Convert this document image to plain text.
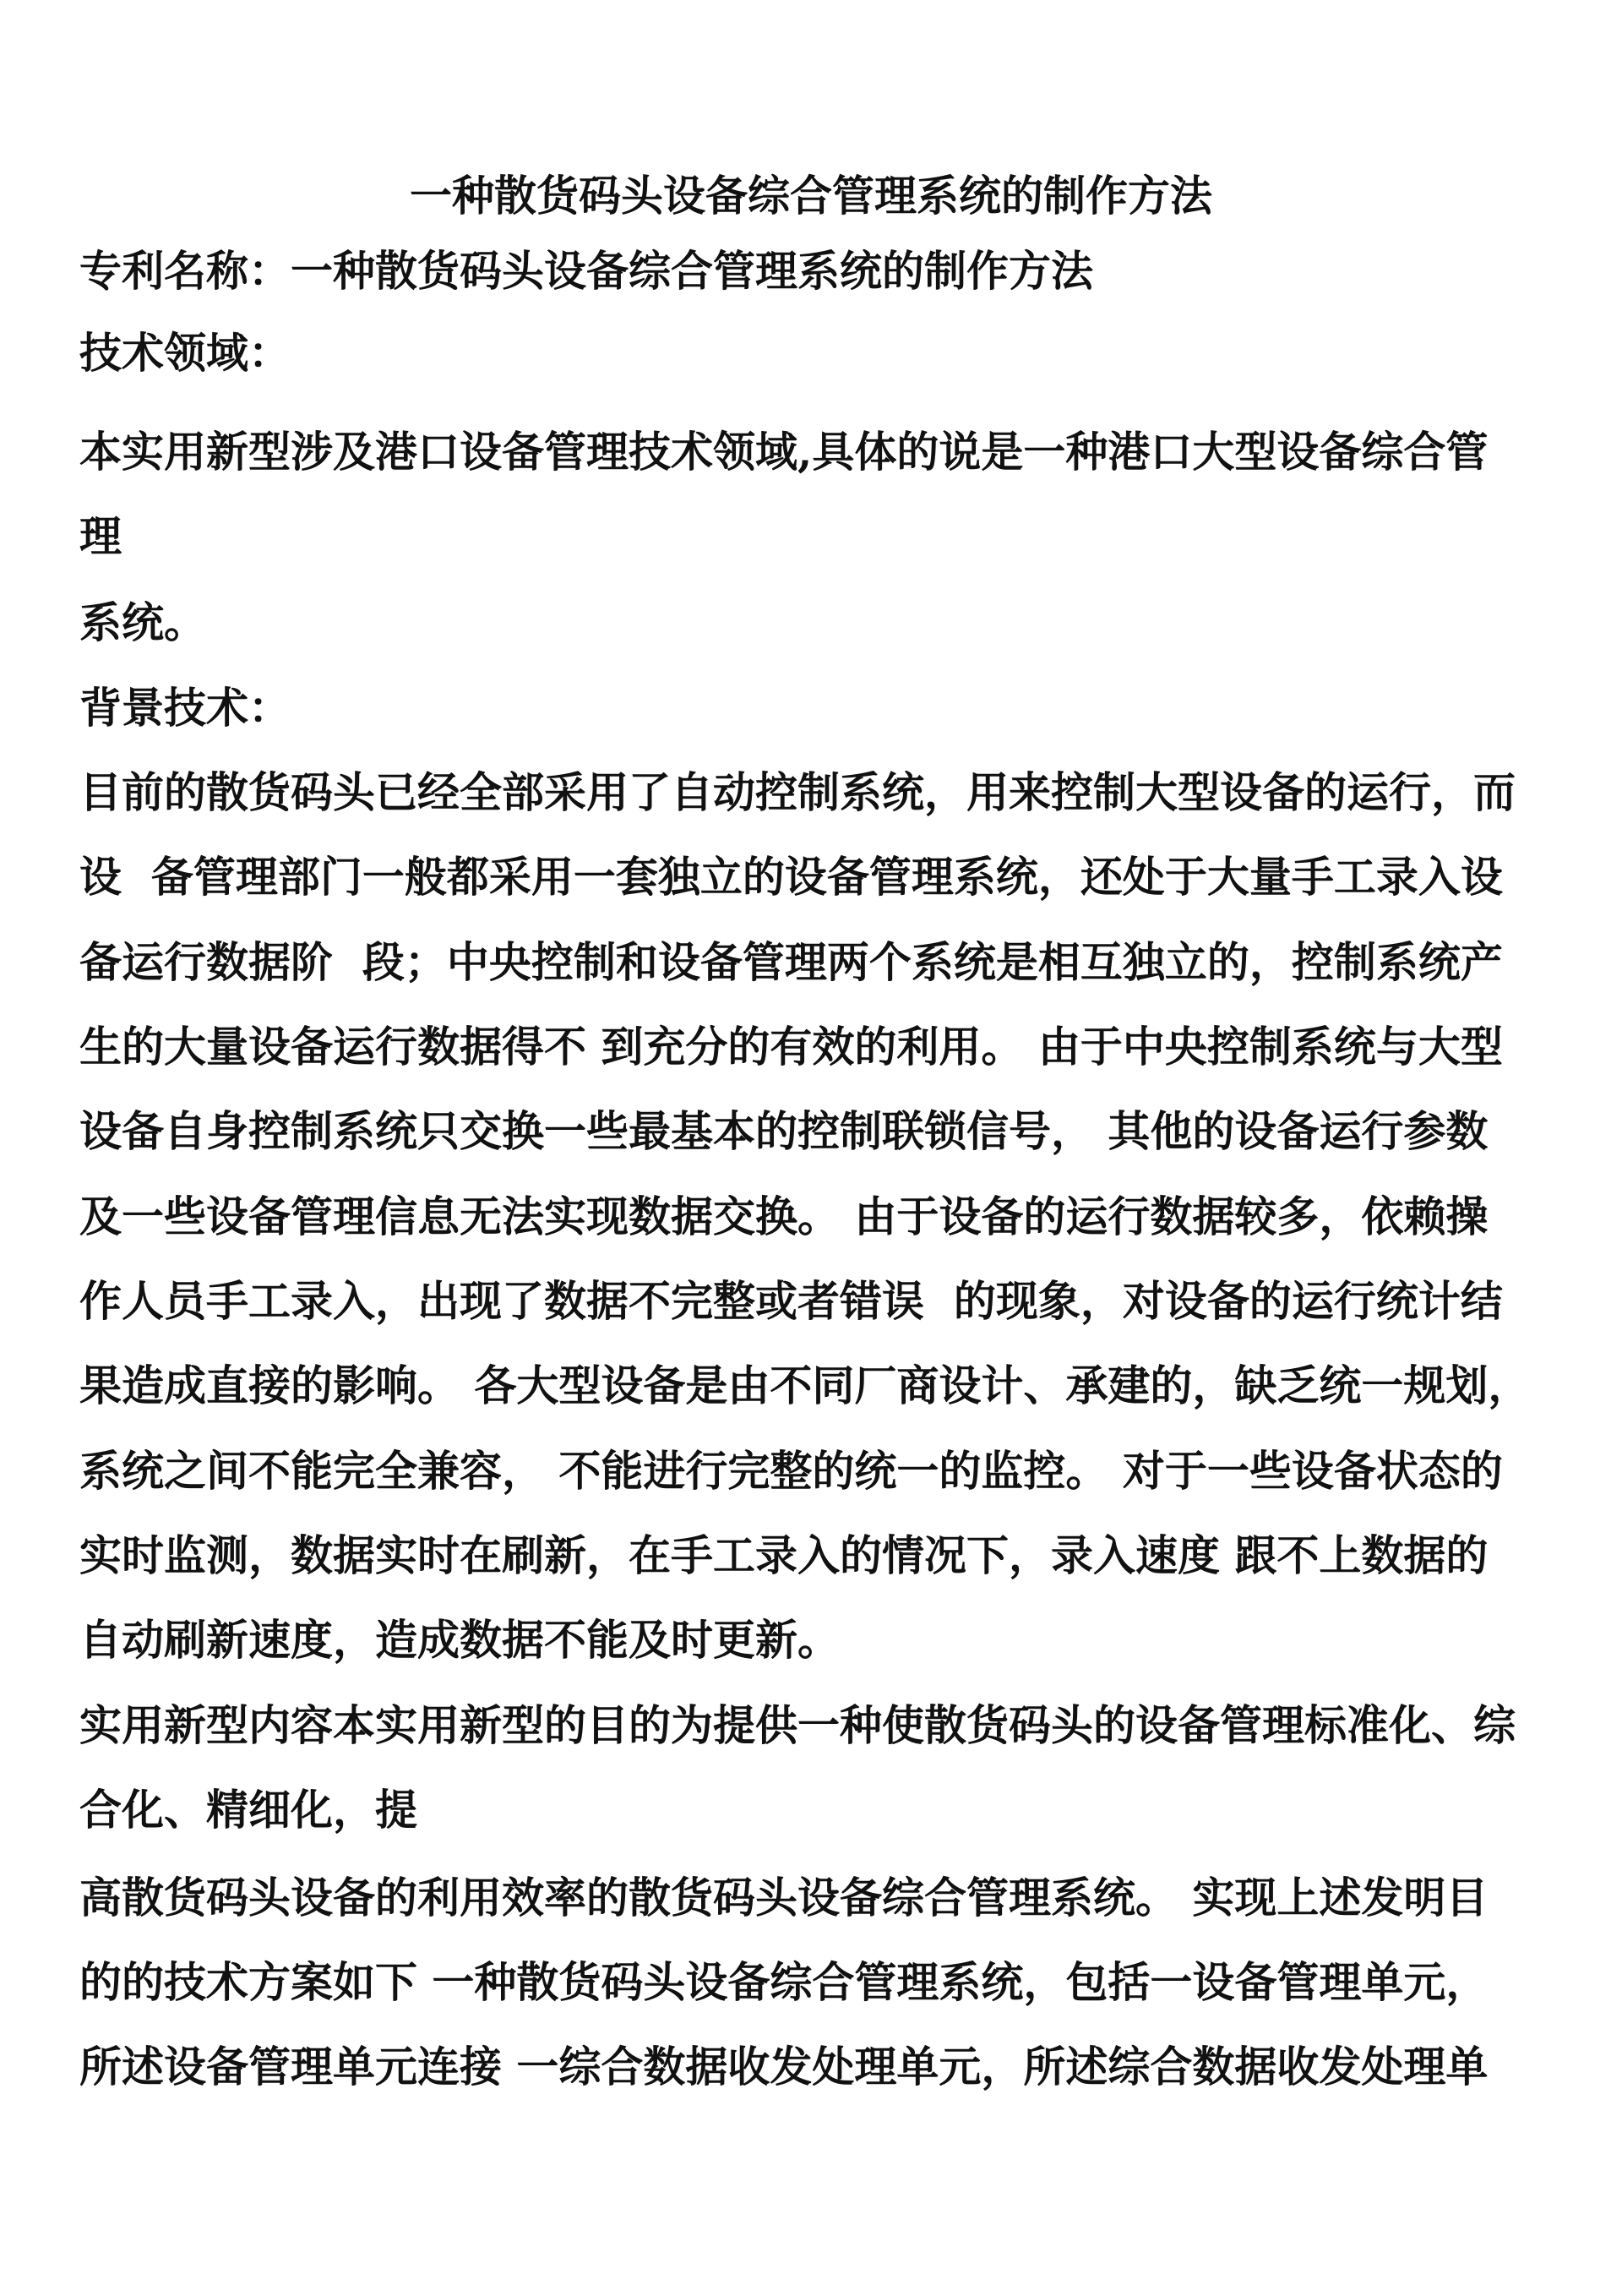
一种散货码头设备综合管理系统的制作方法
专利名称：一种散货码头设备综合管理系统的制作方法
技术领域：
本实用新型涉及港口设备管理技术领域,具体的说是一种港口大型设备综合管
理
系统。
背景技术：
目前的散货码头已经全部采用了自动控制系统，用来控制大型设备的运行，而
设  备管理部门一般都采用一套独立的设备管理系统，还处于大量手工录入设
备运行数据阶  段；中央控制和设备管理两个系统是相互独立的，控制系统产
生的大量设备运行数据得不 到充分的有效的利用。 由于中央控制系统与大型
设备自身控制系统只交换一些最基本的控制联锁信号， 其他的设备运行参数
及一些设备管理信息无法实现数据交换。 由于设备的运行数据较多，依赖操
作人员手工录入，出现了数据不完整或者错误  的现象，对设备的运行统计结
果造成直接的影响。 各大型设备是由不同厂商设计、承建的，缺乏统一规划，
系统之间不能完全兼容， 不能进行完整的统一的监控。 对于一些设备状态的
实时监测，数据实时在刷新，在手工录入的情况下，录入速度 跟不上数据的
自动刷新速度，造成数据不能及时更新。
实用新型内容本实用新型的目的为提供一种使散货码头的设备管理标准化、综
合化、精细化，提
高散货码头设备的利用效率的散货码头设备综合管理系统。 实现上述发明目
的的技术方案如下 一种散货码头设备综合管理系统，包括一设备管理单元，
所述设备管理单元连接 一综合数据收发处理单元，所述综合数据收发处理单
